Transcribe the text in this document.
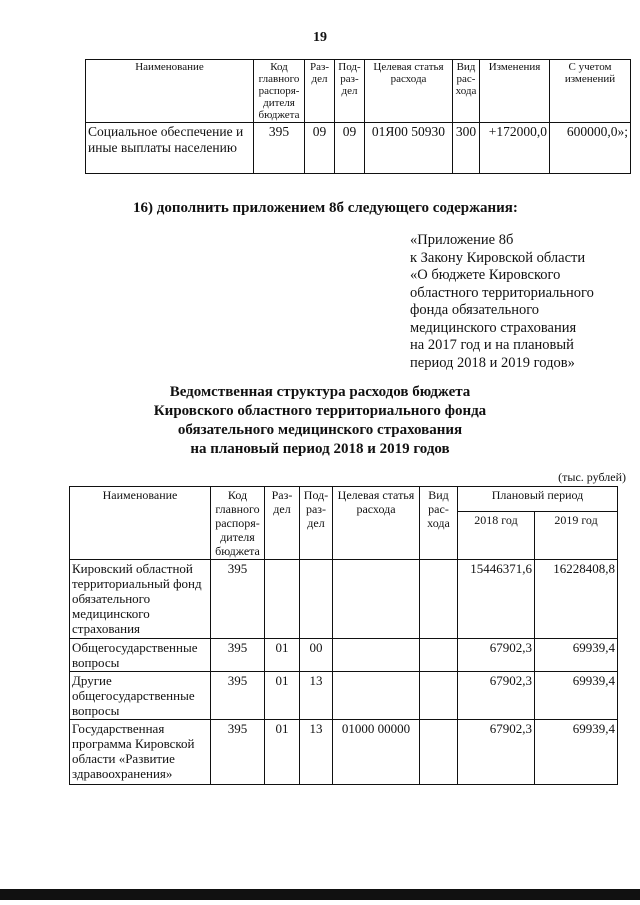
19
Наименование	Код главного распоря-дителя бюджета	Раз-дел	Под-раз-дел	Целевая статья расхода	Вид рас-хода	Изменения	С учетом изменений
Социальное обеспечение и иные выплаты населению	395	09	09	01Я00 50930	300	+172000,0	600000,0»;
16) дополнить приложением 8б следующего содержания:
«Приложение 8б
к Закону Кировской области
«О бюджете Кировского
областного территориального
фонда обязательного
медицинского страхования
на 2017 год и на плановый
период 2018 и 2019 годов»
Ведомственная структура расходов бюджета
Кировского областного территориального фонда
обязательного медицинского страхования
на плановый период 2018 и 2019 годов
(тыс. рублей)
Наименование	Код главного распоря-дителя бюджета	Раз-дел	Под-раз-дел	Целевая статья расхода	Вид рас-хода	Плановый период	
						2018 год	2019 год
Кировский областной территориальный фонд обязательного медицинского страхования	395					15446371,6	16228408,8
Общегосударственные вопросы	395	01	00			67902,3	69939,4
Другие общегосударственные вопросы	395	01	13			67902,3	69939,4
Государственная программа Кировской области «Развитие здравоохранения»	395	01	13	01000 00000		67902,3	69939,4
